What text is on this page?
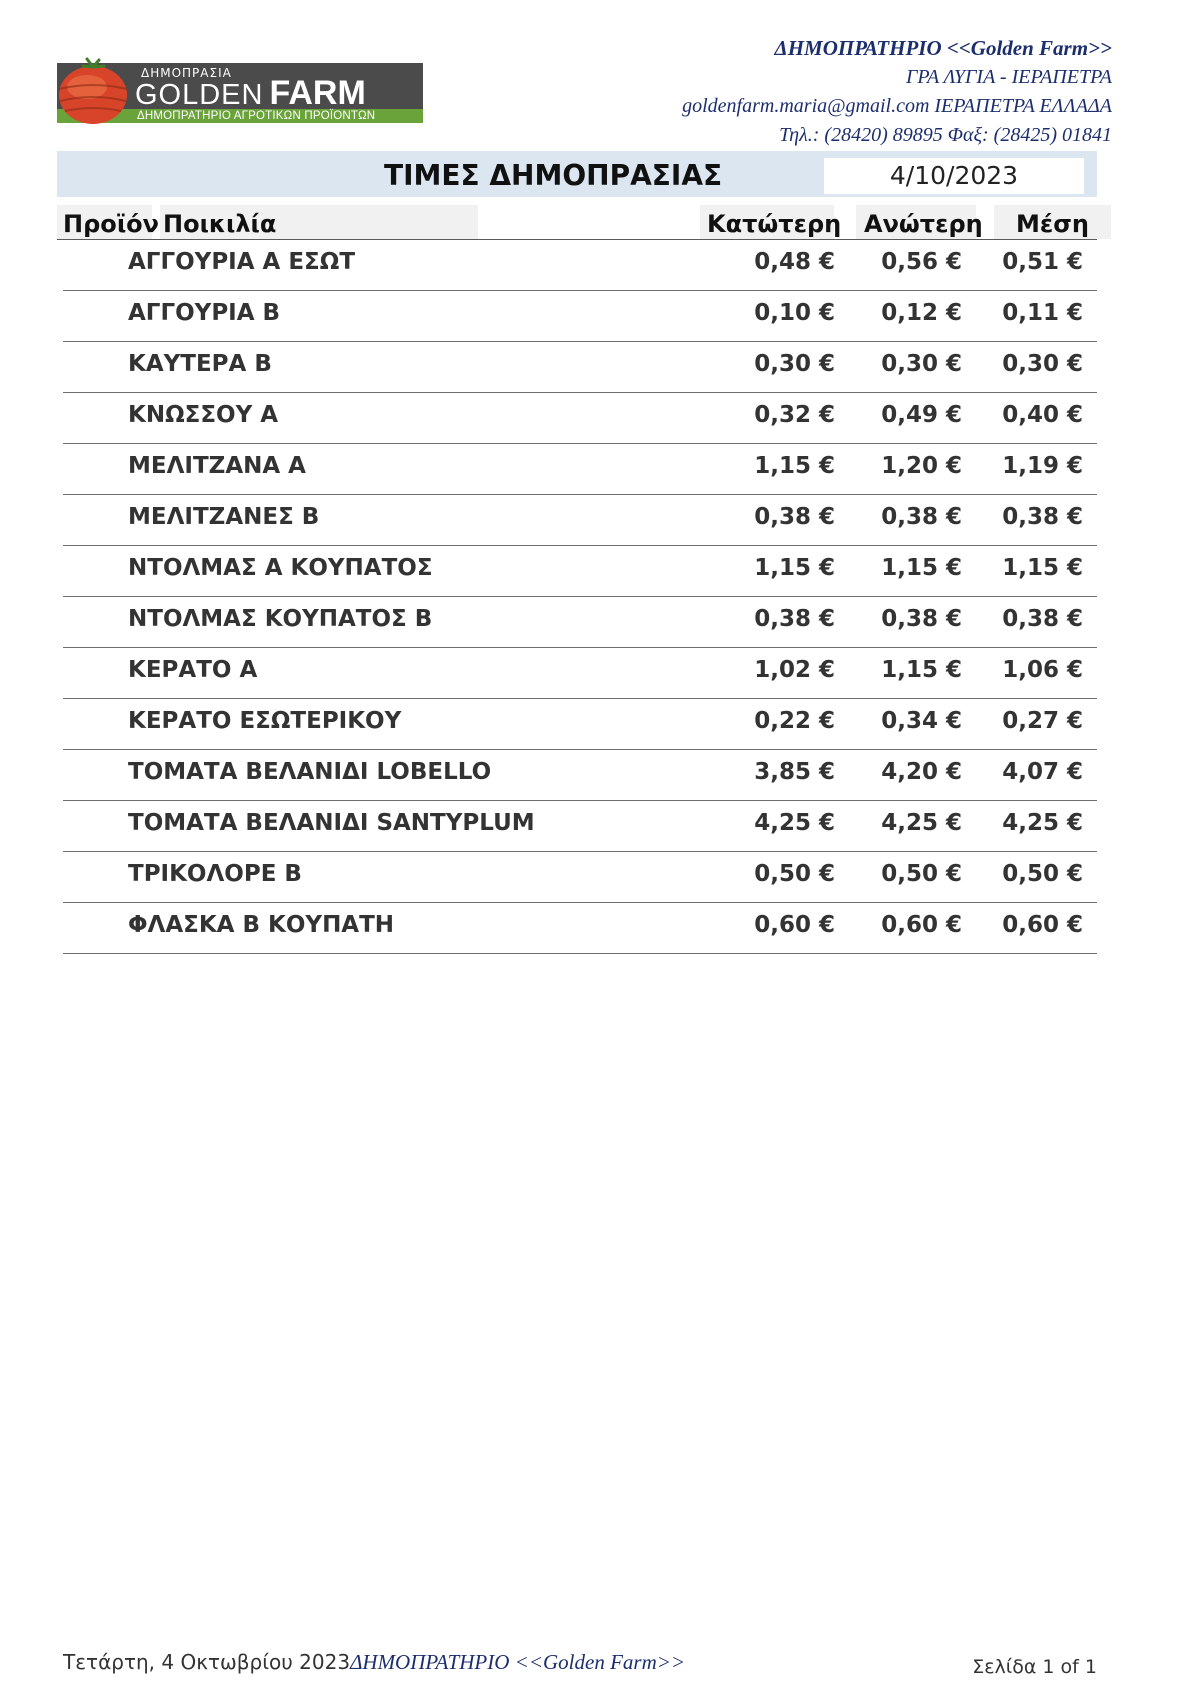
ΔΗΜΟΠΡΑΣΙΑ
GOLDEN FARM
ΔΗΜΟΠΡΑΤΗΡΙΟ ΑΓΡΟΤΙΚΩΝ ΠΡΟΪΟΝΤΩΝ
ΔΗΜΟΠΡΑΤΗΡΙΟ <<Golden Farm>>
ΓΡΑ ΛΥΓΙΑ - ΙΕΡΑΠΕΤΡΑ
goldenfarm.maria@gmail.com ΙΕΡΑΠΕΤΡΑ ΕΛΛΑΔΑ
Τηλ.: (28420) 89895 Φαξ: (28425) 01841
ΤΙΜΕΣ ΔΗΜΟΠΡΑΣΙΑΣ	4/10/2023
Προϊόν Ποικιλία	Κατώτερη Ανώτερη	Μέση
ΑΓΓΟΥΡΙΑ Α ΕΣΩΤ	0,48 € 0,56 € 0,51 €
ΑΓΓΟΥΡΙΑ Β	0,10 € 0,12 € 0,11 €
ΚΑΥΤΕΡΑ Β	0,30 € 0,30 € 0,30 €
ΚΝΩΣΣΟΥ Α	0,32 € 0,49 € 0,40 €
ΜΕΛΙΤΖΑΝΑ Α	1,15 € 1,20 € 1,19 €
ΜΕΛΙΤΖΑΝΕΣ Β	0,38 € 0,38 € 0,38 €
ΝΤΟΛΜΑΣ Α ΚΟΥΠΑΤΟΣ	1,15 € 1,15 € 1,15 €
ΝΤΟΛΜΑΣ ΚΟΥΠΑΤΟΣ Β	0,38 € 0,38 € 0,38 €
ΚΕΡΑΤΟ Α	1,02 € 1,15 € 1,06 €
ΚΕΡΑΤΟ ΕΣΩΤΕΡΙΚΟΥ	0,22 € 0,34 € 0,27 €
ΤΟΜΑΤΑ ΒΕΛΑΝΙΔΙ LOBELLO	3,85 € 4,20 € 4,07 €
ΤΟΜΑΤΑ ΒΕΛΑΝΙΔΙ SANTYPLUM	4,25 € 4,25 € 4,25 €
ΤΡΙΚΟΛΟΡΕ Β	0,50 € 0,50 € 0,50 €
ΦΛΑΣΚΑ Β ΚΟΥΠΑΤΗ	0,60 € 0,60 € 0,60 €
Τετάρτη, 4 Οκτωβρίου 2023ΔΗΜΟΠΡΑΤΗΡΙΟ <<Golden Farm>>	Σελίδα 1 of 1
